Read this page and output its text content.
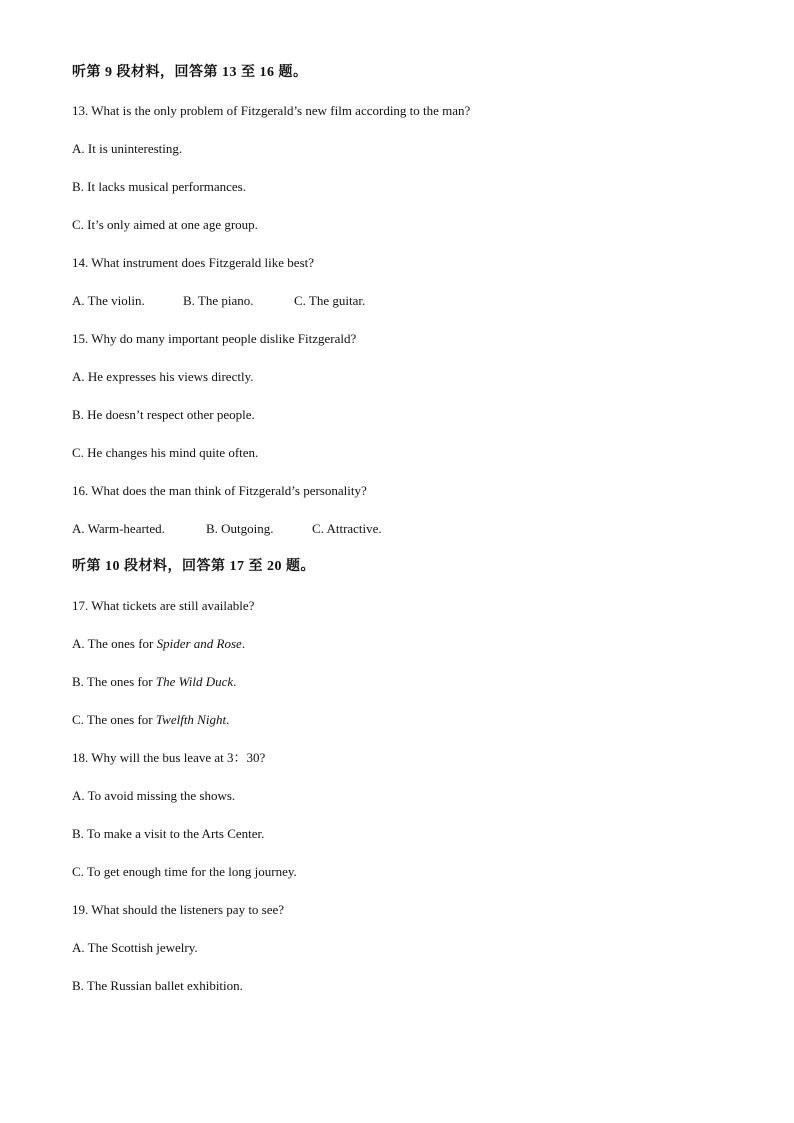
听第 9 段材料，回答第 13 至 16 题。
13. What is the only problem of Fitzgerald’s new film according to the man?
A. It is uninteresting.
B. It lacks musical performances.
C. It’s only aimed at one age group.
14. What instrument does Fitzgerald like best?
A. The violin.	B. The piano.	C. The guitar.
15. Why do many important people dislike Fitzgerald?
A. He expresses his views directly.
B. He doesn’t respect other people.
C. He changes his mind quite often.
16. What does the man think of Fitzgerald’s personality?
A. Warm-hearted.	B. Outgoing.	C. Attractive.
听第 10 段材料，回答第 17 至 20 题。
17. What tickets are still available?
A. The ones for Spider and Rose.
B. The ones for The Wild Duck.
C. The ones for Twelfth Night.
18. Why will the bus leave at 3：30?
A. To avoid missing the shows.
B. To make a visit to the Arts Center.
C. To get enough time for the long journey.
19. What should the listeners pay to see?
A. The Scottish jewelry.
B. The Russian ballet exhibition.
